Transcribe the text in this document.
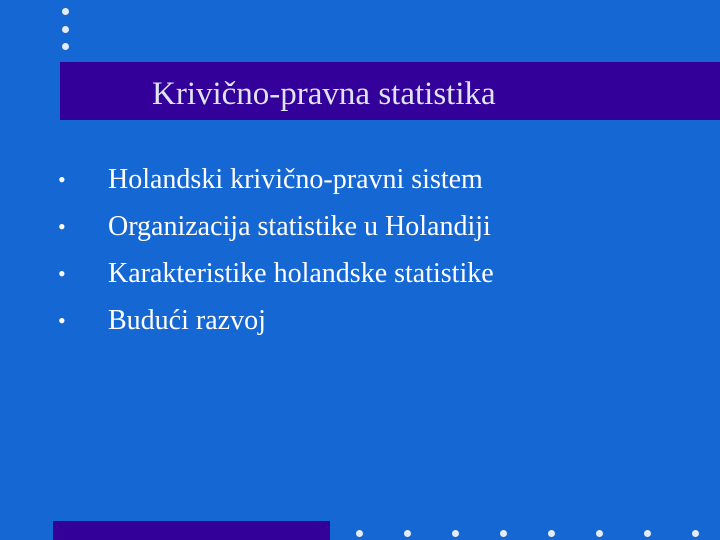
Krivično-pravna statistika
• Holandski krivično-pravni sistem
• Organizacija statistike u Holandiji
• Karakteristike holandske statistike
• Budući razvoj
